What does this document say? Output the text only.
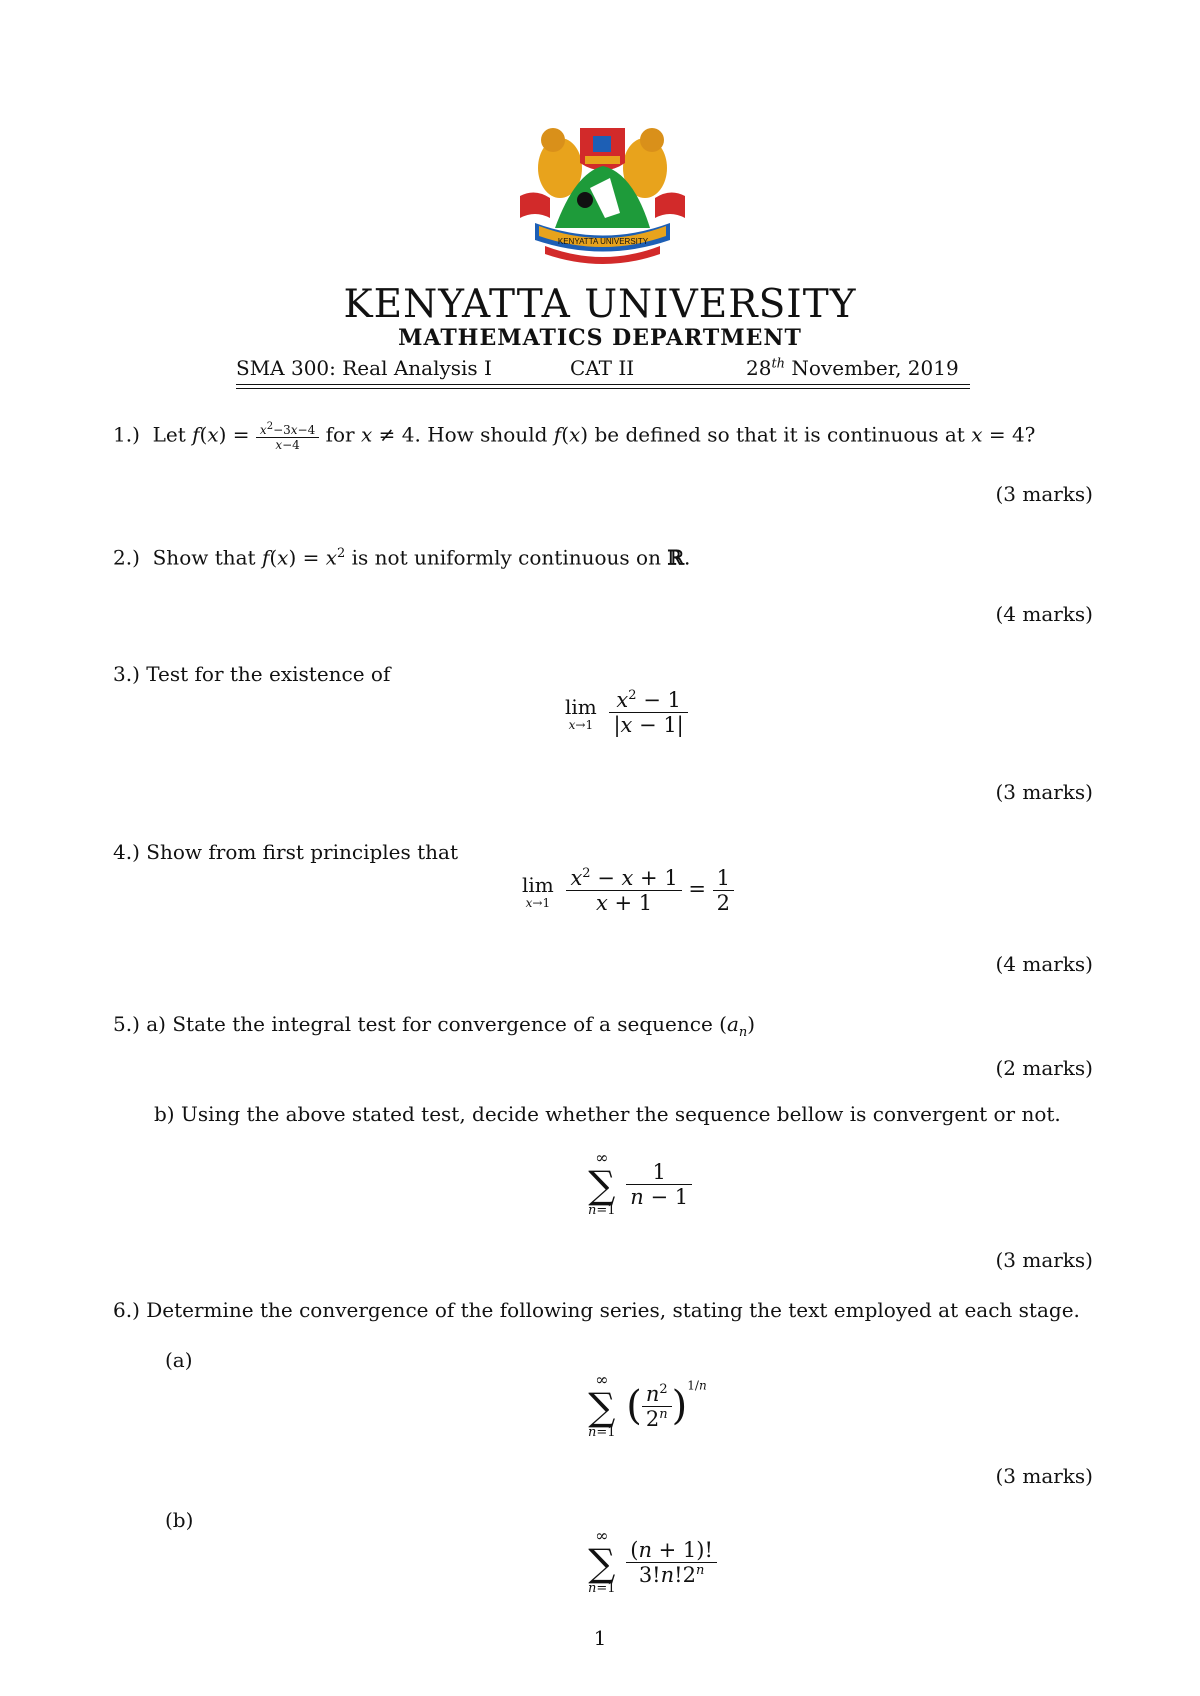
KENYATTA UNIVERSITY
KENYATTA UNIVERSITY
MATHEMATICS DEPARTMENT
SMA 300: Real Analysis I	CAT II	28th November, 2019
1.) Let $f(x) = \frac{x^2-3x-4}{x-4}$ for x ≠ 4. How should f(x) be defined so that it is continuous at x = 4?
(3 marks)
2.) Show that $f(x) = x^2$ is not uniformly continuous on ℝ.
(4 marks)
3.) Test for the existence of
lim
x→1
$\frac{x^2 - 1}{|x - 1|}$
(3 marks)
4.) Show from first principles that
lim
x→1
$\frac{x^2 - x + 1}{x + 1} = \frac{1}{2}$
(4 marks)
5.) a) State the integral test for convergence of a sequence $(a_n)$
(2 marks)
b) Using the above stated test, decide whether the sequence bellow is convergent or not.
∞
∑
n=1

$\frac{1}{n - 1}$
(3 marks)
6.) Determine the convergence of the following series, stating the text employed at each stage.
(a)
∞
∑
n=1
( $\frac{n^2}{2^n} )^{1/n}$
(3 marks)
(b)
∞
∑
n=1

$\frac{(n + 1)!}{3!n!2^n}$
1
